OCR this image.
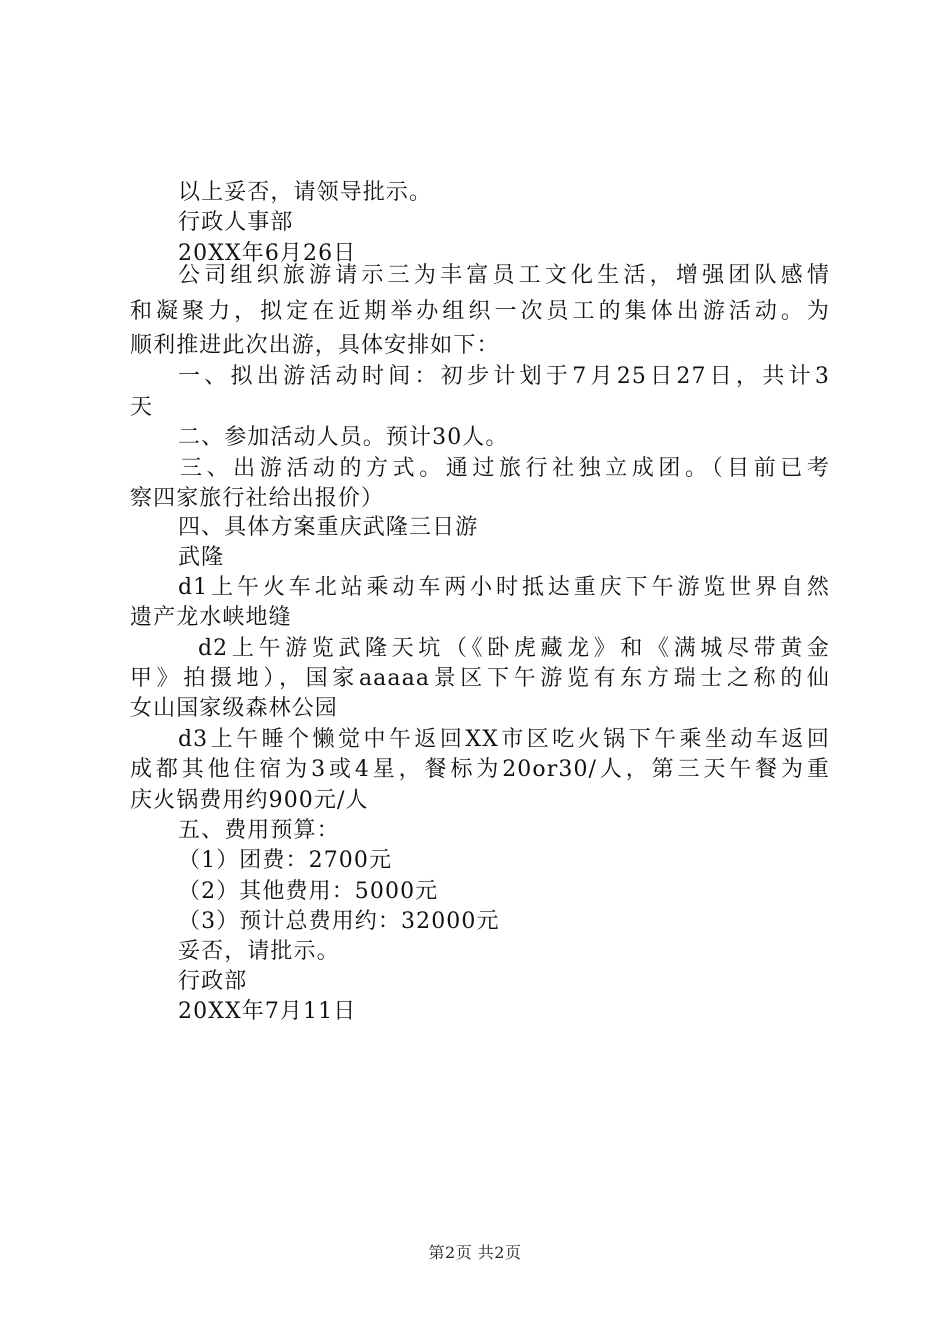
以上妥否，请领导批示。
行政人事部
20XX年6月26日
公司组织旅游请示三为丰富员工文化生活，增强团队感情
和凝聚力，拟定在近期举办组织一次员工的集体出游活动。为
顺利推进此次出游，具体安排如下：
一、拟出游活动时间：初步计划于7月25日27日，共计3
天
二、参加活动人员。预计30人。
三、出游活动的方式。通过旅行社独立成团。（目前已考
察四家旅行社给出报价）
四、具体方案重庆武隆三日游
武隆
d1上午火车北站乘动车两小时抵达重庆下午游览世界自然
遗产龙水峡地缝
d2上午游览武隆天坑（《卧虎藏龙》和《满城尽带黄金
甲》拍摄地），国家aaaaa景区下午游览有东方瑞士之称的仙
女山国家级森林公园
d3上午睡个懒觉中午返回XX市区吃火锅下午乘坐动车返回
成都其他住宿为3或4星，餐标为20or30/人，第三天午餐为重
庆火锅费用约900元/人
五、费用预算：
（1）团费：2700元
（2）其他费用：5000元
（3）预计总费用约：32000元
妥否，请批示。
行政部
20XX年7月11日
第2页 共2页
